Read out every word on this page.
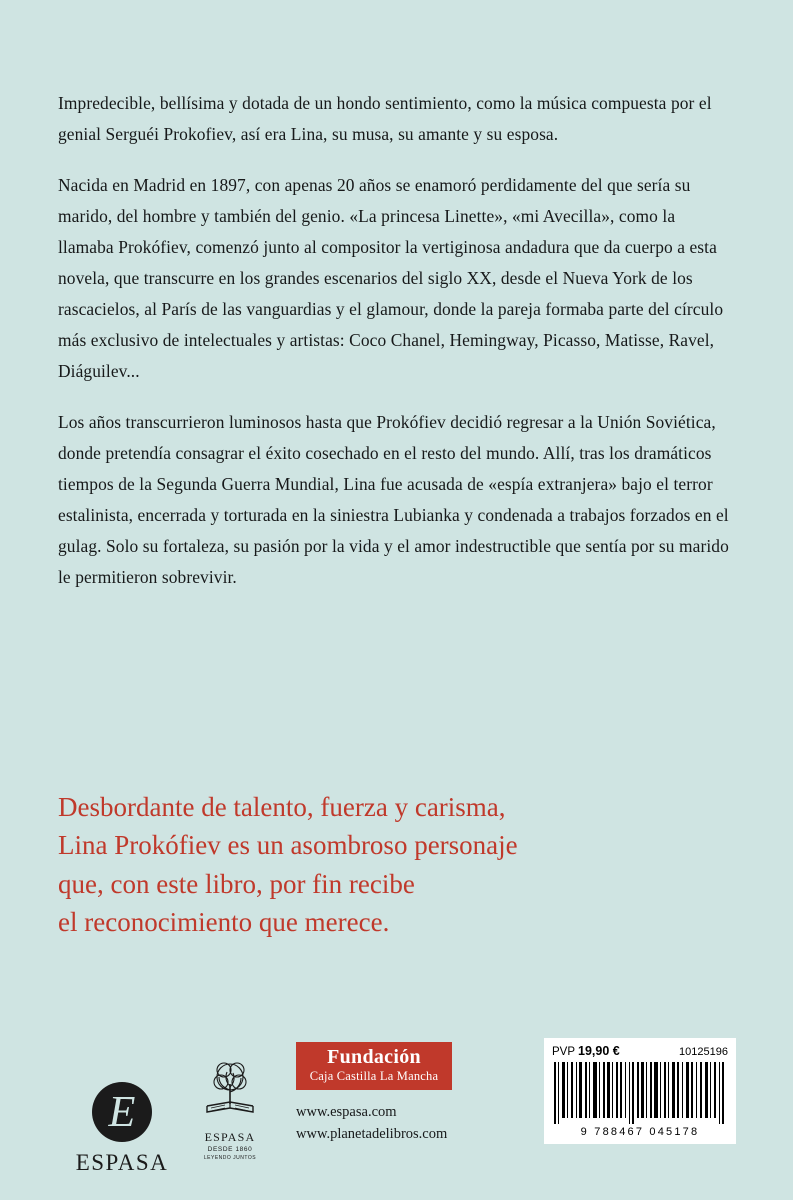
Impredecible, bellísima y dotada de un hondo sentimiento, como la música compuesta por el genial Serguéi Prokofiev, así era Lina, su musa, su amante y su esposa.

Nacida en Madrid en 1897, con apenas 20 años se enamoró perdidamente del que sería su marido, del hombre y también del genio. «La princesa Linette», «mi Avecilla», como la llamaba Prokófiev, comenzó junto al compositor la vertiginosa andadura que da cuerpo a esta novela, que transcurre en los grandes escenarios del siglo XX, desde el Nueva York de los rascacielos, al París de las vanguardias y el glamour, donde la pareja formaba parte del círculo más exclusivo de intelectuales y artistas: Coco Chanel, Hemingway, Picasso, Matisse, Ravel, Diáguilev...

Los años transcurrieron luminosos hasta que Prokófiev decidió regresar a la Unión Soviética, donde pretendía consagrar el éxito cosechado en el resto del mundo. Allí, tras los dramáticos tiempos de la Segunda Guerra Mundial, Lina fue acusada de «espía extranjera» bajo el terror estalinista, encerrada y torturada en la siniestra Lubianka y condenada a trabajos forzados en el gulag. Solo su fortaleza, su pasión por la vida y el amor indestructible que sentía por su marido le permitieron sobrevivir.

Desbordante de talento, fuerza y carisma,
Lina Prokófiev es un asombroso personaje
que, con este libro, por fin recibe
el reconocimiento que merece.
E
ESPASA
ESPASA
DESDE 1860
LEYENDO JUNTOS
Fundación
Caja Castilla La Mancha
www.espasa.com
www.planetadelibros.com
PVP 19,90 €	10125196
9 788467 045178
